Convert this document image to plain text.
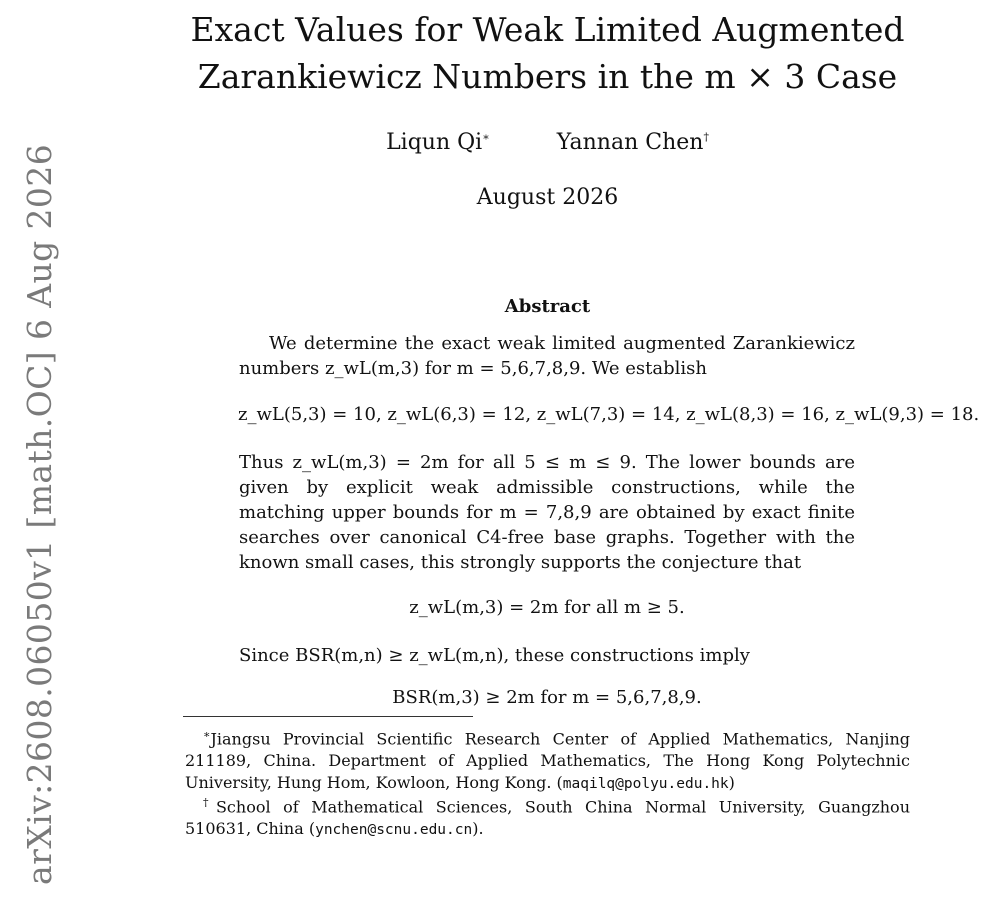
arXiv:2608.06050v1 [math.OC] 6 Aug 2026
Exact Values for Weak Limited Augmented
Zarankiewicz Numbers in the m × 3 Case
Liqun Qi∗	Yannan Chen†
August 2026
Abstract
We determine the exact weak limited augmented Zarankiewicz numbers z_wL(m,3) for m = 5,6,7,8,9. We establish
z_wL(5,3) = 10, z_wL(6,3) = 12, z_wL(7,3) = 14, z_wL(8,3) = 16, z_wL(9,3) = 18.
Thus z_wL(m,3) = 2m for all 5 ≤ m ≤ 9. The lower bounds are given by explicit weak admissible constructions, while the matching upper bounds for m = 7,8,9 are obtained by exact finite searches over canonical C4-free base graphs. Together with the known small cases, this strongly supports the conjecture that
z_wL(m,3) = 2m for all m ≥ 5.
Since BSR(m,n) ≥ z_wL(m,n), these constructions imply
BSR(m,3) ≥ 2m for m = 5,6,7,8,9.
∗Jiangsu Provincial Scientific Research Center of Applied Mathematics, Nanjing 211189, China. Department of Applied Mathematics, The Hong Kong Polytechnic University, Hung Hom, Kowloon, Hong Kong. (maqilq@polyu.edu.hk)
†School of Mathematical Sciences, South China Normal University, Guangzhou 510631, China (ynchen@scnu.edu.cn).
